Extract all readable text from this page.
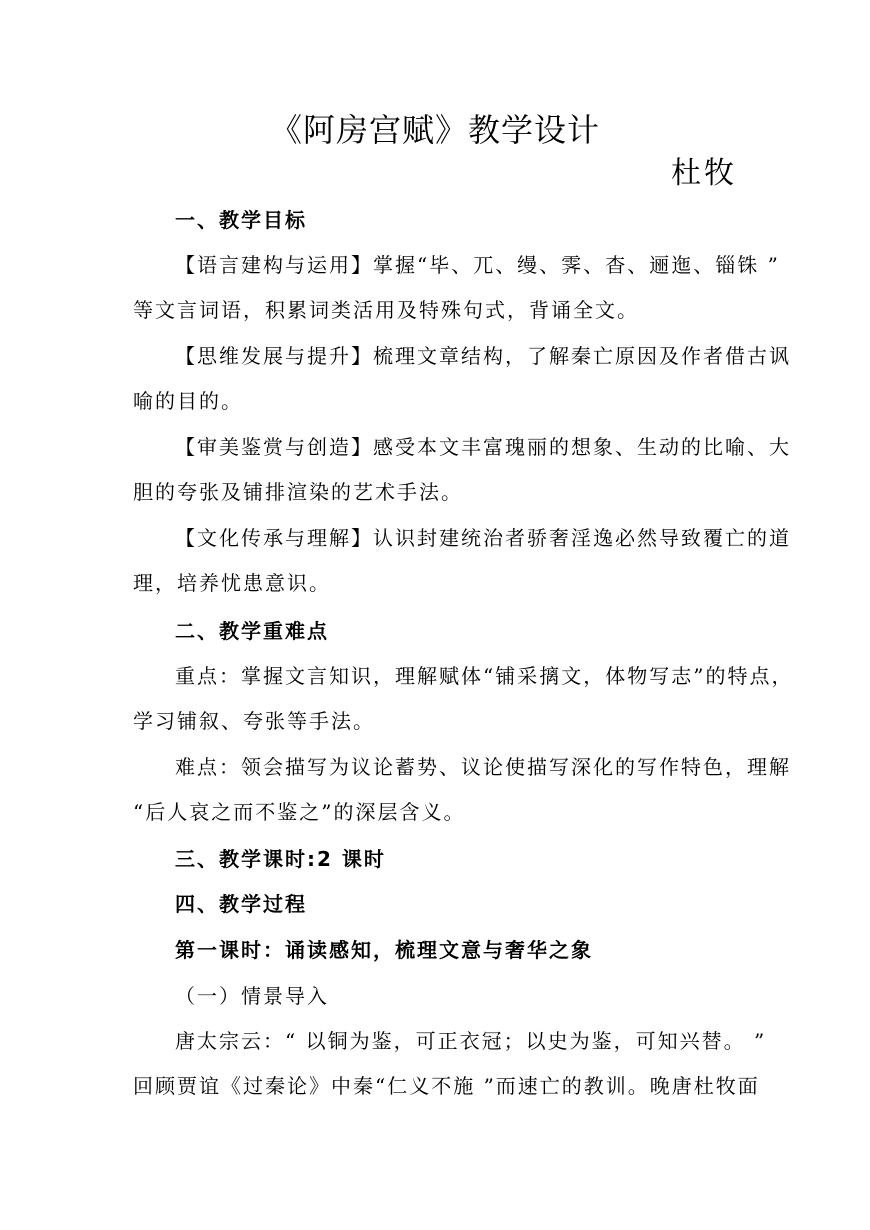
《阿房宫赋》教学设计
杜牧
一、教学目标
【语言建构与运用】掌握“毕、兀、缦、霁、杳、逦迤、锱铢 ”
等文言词语，积累词类活用及特殊句式，背诵全文。
【思维发展与提升】梳理文章结构，了解秦亡原因及作者借古讽
喻的目的。
【审美鉴赏与创造】感受本文丰富瑰丽的想象、生动的比喻、大
胆的夸张及铺排渲染的艺术手法。
【文化传承与理解】认识封建统治者骄奢淫逸必然导致覆亡的道
理，培养忧患意识。
二、教学重难点
重点：掌握文言知识，理解赋体“铺采摛文，体物写志”的特点，
学习铺叙、夸张等手法。
难点：领会描写为议论蓄势、议论使描写深化的写作特色，理解
“后人哀之而不鉴之”的深层含义。
三、教学课时:2 课时
四、教学过程
第一课时：诵读感知，梳理文意与奢华之象
（一）情景导入
唐太宗云：“ 以铜为鉴，可正衣冠；以史为鉴，可知兴替。 ”
回顾贾谊《过秦论》中秦“仁义不施 ”而速亡的教训。晚唐杜牧面
